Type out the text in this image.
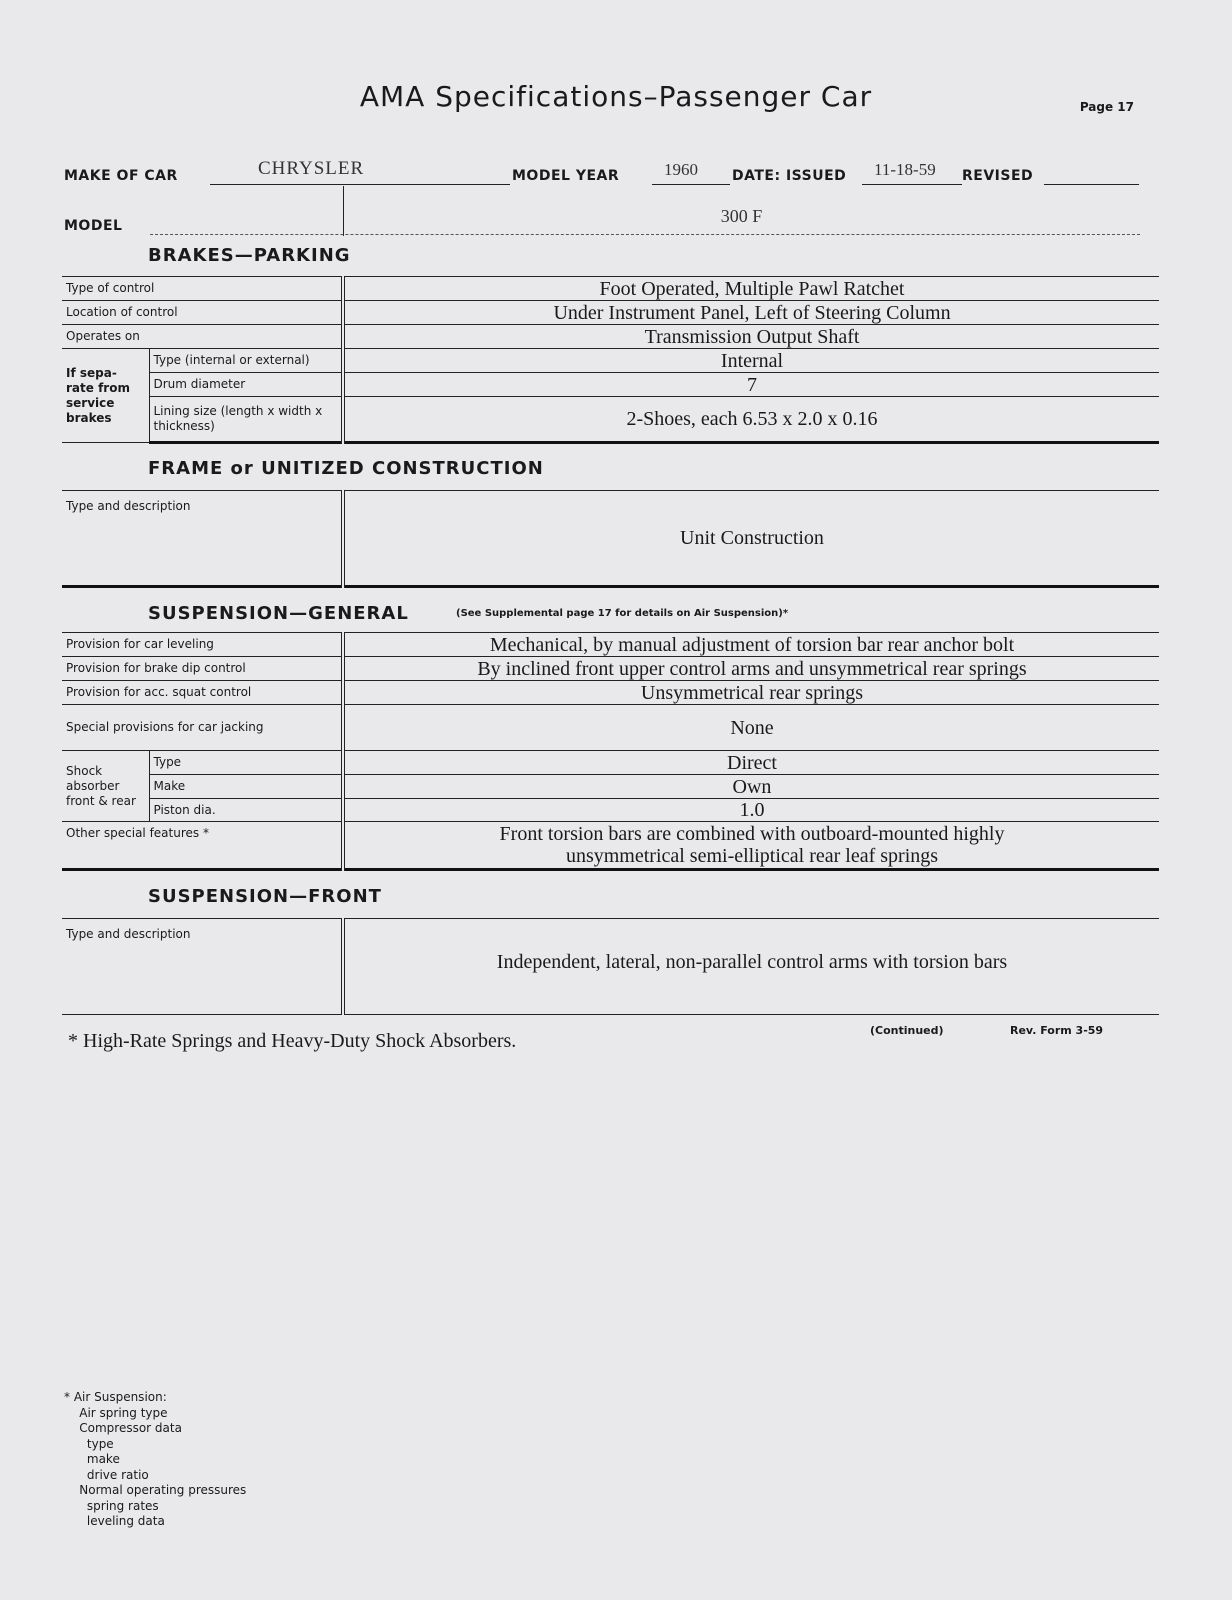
AMA Specifications–Passenger Car	Page 17
MAKE OF CAR	CHRYSLER	MODEL YEAR	1960 DATE: ISSUED 11-18-59 REVISED
MODEL	300 F
BRAKES—PARKING
Type of control		Foot Operated, Multiple Pawl Ratchet
Location of control		Under Instrument Panel, Left of Steering Column
Operates on		Transmission Output Shaft
If sepa- rate from service brakes	Type (internal or external)	Internal
	Drum diameter	7
	Lining size (length x width x thickness)	2-Shoes, each 6.53 x 2.0 x 0.16
FRAME or UNITIZED CONSTRUCTION
Type and description	Unit Construction
SUSPENSION—GENERAL	(See Supplemental page 17 for details on Air Suspension)*
Provision for car leveling		Mechanical, by manual adjustment of torsion bar rear anchor bolt
Provision for brake dip control		By inclined front upper control arms and unsymmetrical rear springs
Provision for acc. squat control		Unsymmetrical rear springs
Special provisions for car jacking		None
Shock absorber front & rear	Type	Direct
	Make	Own
	Piston dia.	1.0
Other special features *		Front torsion bars are combined with outboard-mounted highly
unsymmetrical semi-elliptical rear leaf springs
SUSPENSION—FRONT
Type and description	Independent, lateral, non-parallel control arms with torsion bars
* High-Rate Springs and Heavy-Duty Shock Absorbers.	(Continued)	Rev. Form 3-59
* Air Suspension:
Air spring type
Compressor data
type
make
drive ratio
Normal operating pressures
spring rates
leveling data
